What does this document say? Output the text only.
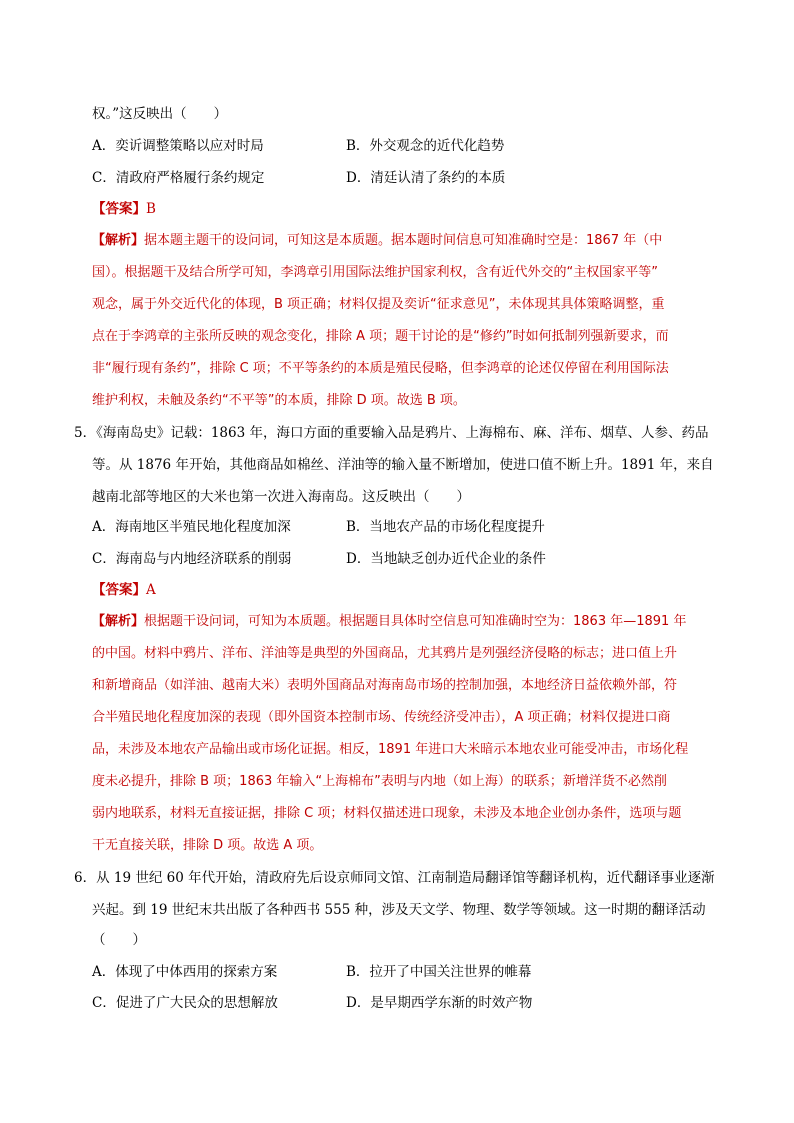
权。”这反映出（　　）
A．奕䜣调整策略以应对时局	B．外交观念的近代化趋势
C．清政府严格履行条约规定	D．清廷认清了条约的本质
【答案】B
【解析】据本题主题干的设问词，可知这是本质题。据本题时间信息可知准确时空是：1867 年（中
国）。根据题干及结合所学可知，李鸿章引用国际法维护国家利权，含有近代外交的“主权国家平等”
观念，属于外交近代化的体现，B 项正确；材料仅提及奕䜣“征求意见”，未体现其具体策略调整，重
点在于李鸿章的主张所反映的观念变化，排除 A 项；题干讨论的是“修约”时如何抵制列强新要求，而
非“履行现有条约”，排除 C 项；不平等条约的本质是殖民侵略，但李鸿章的论述仅停留在利用国际法
维护利权，未触及条约“不平等”的本质，排除 D 项。故选 B 项。
5．《海南岛史》记载：1863 年，海口方面的重要输入品是鸦片、上海棉布、麻、洋布、烟草、人参、药品
等。从 1876 年开始，其他商品如棉丝、洋油等的输入量不断增加，使进口值不断上升。1891 年，来自
越南北部等地区的大米也第一次进入海南岛。这反映出（　　）
A．海南地区半殖民地化程度加深	B．当地农产品的市场化程度提升
C．海南岛与内地经济联系的削弱	D．当地缺乏创办近代企业的条件
【答案】A
【解析】根据题干设问词，可知为本质题。根据题目具体时空信息可知准确时空为：1863 年—1891 年
的中国。材料中鸦片、洋布、洋油等是典型的外国商品，尤其鸦片是列强经济侵略的标志；进口值上升
和新增商品（如洋油、越南大米）表明外国商品对海南岛市场的控制加强，本地经济日益依赖外部，符
合半殖民地化程度加深的表现（即外国资本控制市场、传统经济受冲击），A 项正确；材料仅提进口商
品，未涉及本地农产品输出或市场化证据。相反，1891 年进口大米暗示本地农业可能受冲击，市场化程
度未必提升，排除 B 项；1863 年输入“上海棉布”表明与内地（如上海）的联系；新增洋货不必然削
弱内地联系，材料无直接证据，排除 C 项；材料仅描述进口现象，未涉及本地企业创办条件，选项与题
干无直接关联，排除 D 项。故选 A 项。
6．从 19 世纪 60 年代开始，清政府先后设京师同文馆、江南制造局翻译馆等翻译机构，近代翻译事业逐渐
兴起。到 19 世纪末共出版了各种西书 555 种，涉及天文学、物理、数学等领域。这一时期的翻译活动
（　　）
A．体现了中体西用的探索方案	B．拉开了中国关注世界的帷幕
C．促进了广大民众的思想解放	D．是早期西学东渐的时效产物
